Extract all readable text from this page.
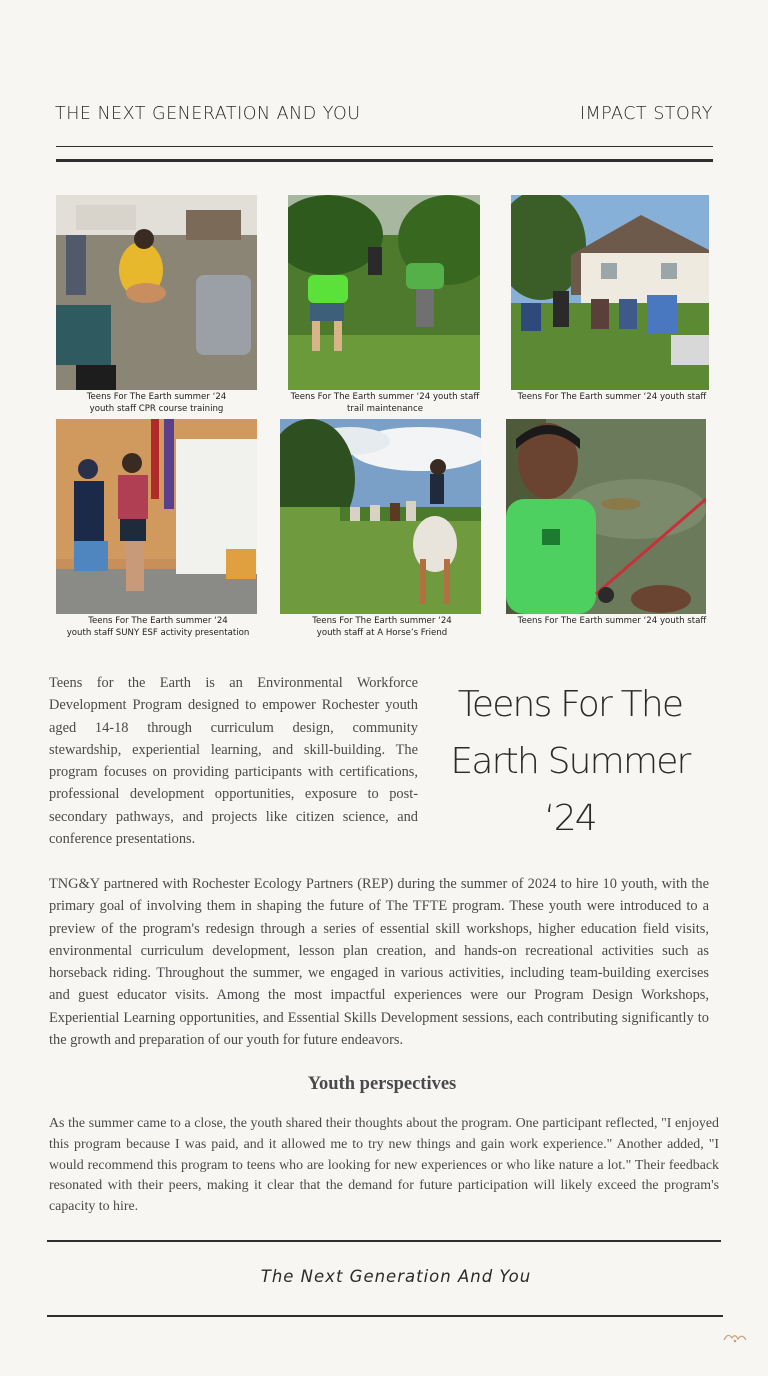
THE NEXT GENERATION AND YOU	IMPACT STORY
Teens For The Earth summer ‘24
youth staff CPR course training
Teens For The Earth summer ‘24 youth staff
trail maintenance
Teens For The Earth summer ‘24 youth staff
Teens For The Earth summer ‘24
youth staff SUNY ESF activity presentation
Teens For The Earth summer ‘24
youth staff at A Horse’s Friend
Teens For The Earth summer ‘24 youth staff
Teens for the Earth is an Environmental Workforce Development Program designed to empower Rochester youth aged 14-18 through curriculum design, community stewardship, experiential learning, and skill-building. The program focuses on providing participants with certifications, professional development opportunities, exposure to post-secondary pathways, and projects like citizen science, and conference presentations.
Teens For The
Earth Summer
‘24
TNG&Y partnered with Rochester Ecology Partners (REP) during the summer of 2024 to hire 10 youth, with the primary goal of involving them in shaping the future of The TFTE program. These youth were introduced to a preview of the program's redesign through a series of essential skill workshops, higher education field visits, environmental curriculum development, lesson plan creation, and hands-on recreational activities such as horseback riding. Throughout the summer, we engaged in various activities, including team-building exercises and guest educator visits. Among the most impactful experiences were our Program Design Workshops, Experiential Learning opportunities, and Essential Skills Development sessions, each contributing significantly to the growth and preparation of our youth for future endeavors.
Youth perspectives
As the summer came to a close, the youth shared their thoughts about the program. One participant reflected, "I enjoyed this program because I was paid, and it allowed me to try new things and gain work experience." Another added, "I would recommend this program to teens who are looking for new experiences or who like nature a lot." Their feedback resonated with their peers, making it clear that the demand for future participation will likely exceed the program's capacity to hire.
The Next Generation And You
